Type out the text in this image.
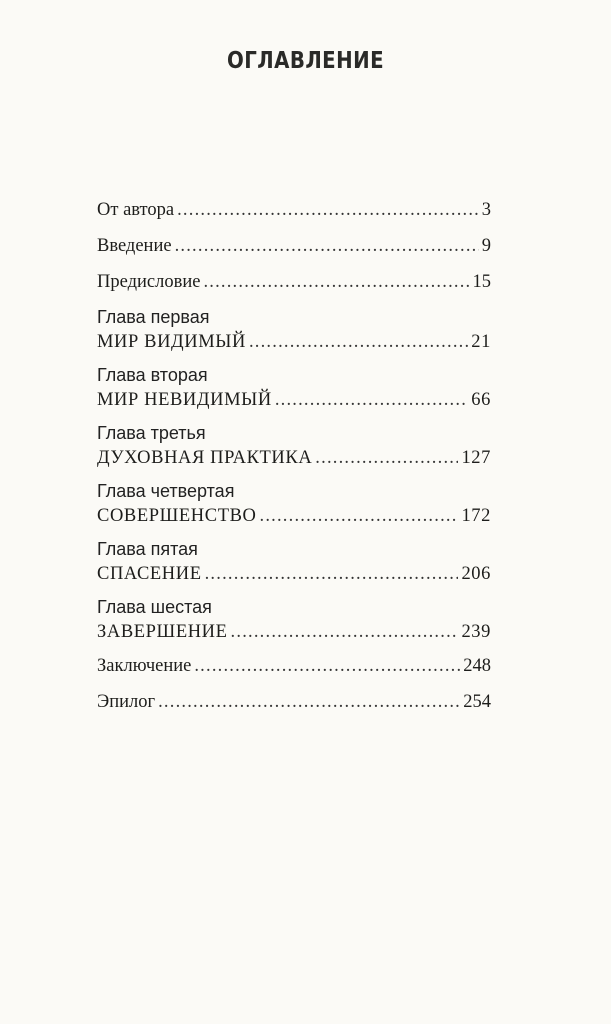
ОГЛАВЛЕНИЕ
От автора .....	3
Введение .....	9
Предисловие .....	15
Глава первая
МИР ВИДИМЫЙ .....	21
Глава вторая
МИР НЕВИДИМЫЙ .....	66
Глава третья
ДУХОВНАЯ ПРАКТИКА .....	127
Глава четвертая
СОВЕРШЕНСТВО .....	172
Глава пятая
СПАСЕНИЕ .....	206
Глава шестая
ЗАВЕРШЕНИЕ .....	239
Заключение .....	248
Эпилог .....	254
